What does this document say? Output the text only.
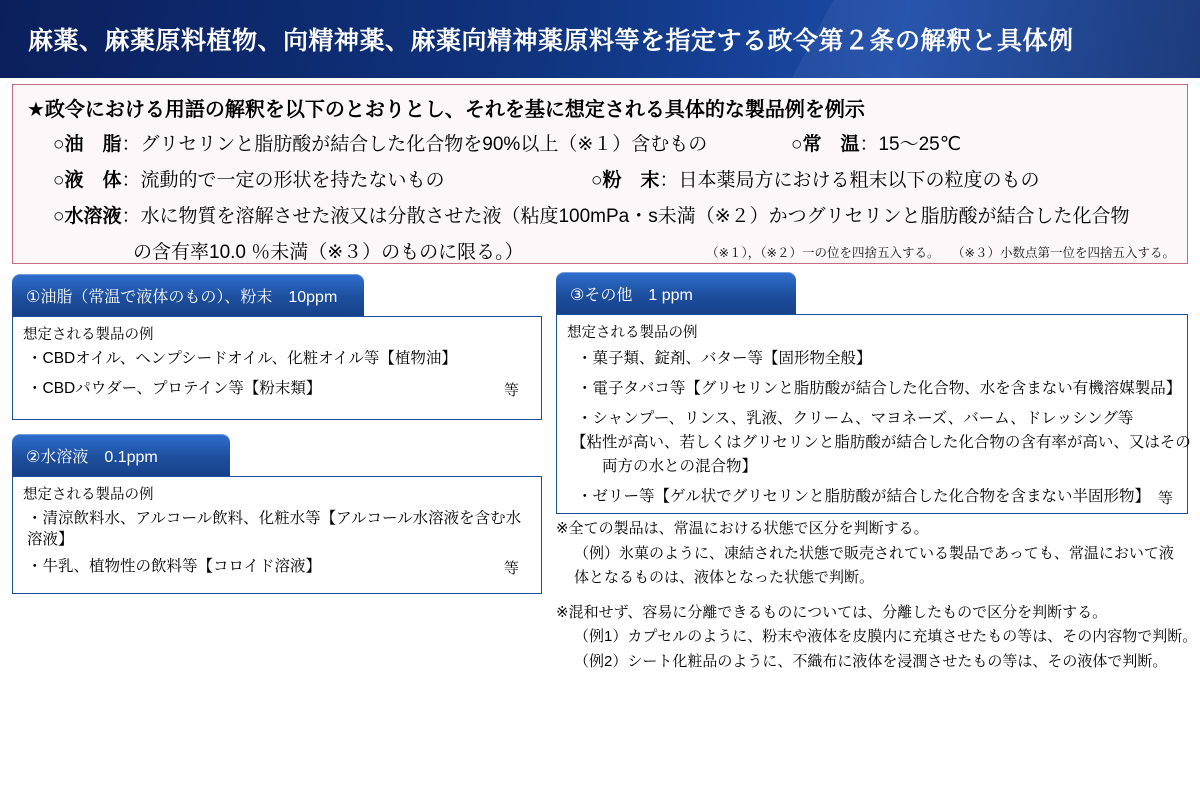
麻薬、麻薬原料植物、向精神薬、麻薬向精神薬原料等を指定する政令第２条の解釈と具体例
★政令における用語の解釈を以下のとおりとし、それを基に想定される具体的な製品例を例示
○油　脂：グリセリンと脂肪酸が結合した化合物を90%以上（※１）含むもの	○常　温：15〜25℃
○液　体：流動的で一定の形状を持たないもの	○粉　末：日本薬局方における粗末以下の粒度のもの
○水溶液：水に物質を溶解させた液又は分散させた液（粘度100mPa・s未満（※２）かつグリセリンと脂肪酸が結合した化合物
の含有率10.0 ％未満（※３）のものに限る。）	（※１），（※２）一の位を四捨五入する。　　（※３）小数点第一位を四捨五入する。
①油脂（常温で液体のもの）、粉末　10ppm
想定される製品の例
・CBDオイル、ヘンプシードオイル、化粧オイル等【植物油】
・CBDパウダー、プロテイン等【粉末類】	等
②水溶液　0.1ppm
想定される製品の例
・清涼飲料水、アルコール飲料、化粧水等【アルコール水溶液を含む水溶液】
・牛乳、植物性の飲料等【コロイド溶液】	等
③その他　1 ppm
想定される製品の例
・菓子類、錠剤、バター等【固形物全般】
・電子タバコ等【グリセリンと脂肪酸が結合した化合物、水を含まない有機溶媒製品】
・シャンプー、リンス、乳液、クリーム、マヨネーズ、バーム、ドレッシング等
【粘性が高い、若しくはグリセリンと脂肪酸が結合した化合物の含有率が高い、又はその
　　両方の水との混合物】
・ゼリー等【ゲル状でグリセリンと脂肪酸が結合した化合物を含まない半固形物】 等

※全ての製品は、常温における状態で区分を判断する。

（例）氷菓のように、凍結された状態で販売されている製品であっても、常温において液

体となるものは、液体となった状態で判断。

※混和せず、容易に分離できるものについては、分離したもので区分を判断する。

（例1）カプセルのように、粉末や液体を皮膜内に充填させたもの等は、その内容物で判断。

（例2）シート化粧品のように、不織布に液体を浸潤させたもの等は、その液体で判断。
